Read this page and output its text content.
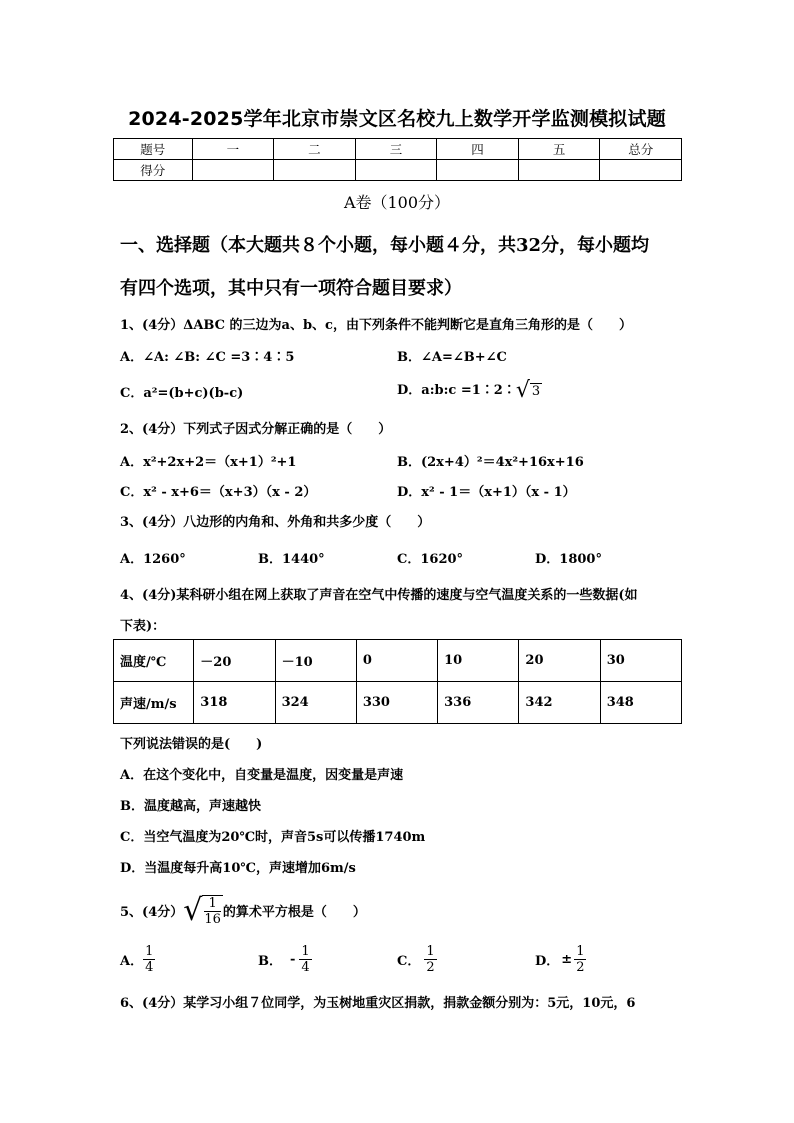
2024-2025学年北京市崇文区名校九上数学开学监测模拟试题
题号	一	二	三	四	五	总分
得分						
A卷（100分）
一、选择题（本大题共８个小题，每小题４分，共32分，每小题均
有四个选项，其中只有一项符合题目要求）
1、(4分）ΔABC 的三边为a、b、c，由下列条件不能判断它是直角三角形的是（　　）
A．∠A: ∠B: ∠C =3∶4∶5	B．∠A=∠B+∠C
C．a²=(b+c)(b-c)	D．a:b:c =1∶2∶√ 3
2、(4分）下列式子因式分解正确的是（　　）
A．x²+2x+2＝（x+1）²+1	B．(2x+4）²＝4x²+16x+16
C．x² - x+6＝（x+3）（x - 2）	D．x² - 1＝（x+1）（x - 1）
3、(4分）八边形的内角和、外角和共多少度（　　）
A．1260°	B．1440°	C．1620°	D．1800°
4、(4分)某科研小组在网上获取了声音在空气中传播的速度与空气温度关系的一些数据(如
下表)：
温度/℃	－20	－10	0	10	20	30
声速/m/s	318	324	330	336	342	348
下列说法错误的是(　　)
A．在这个变化中，自变量是温度，因变量是声速
B．温度越高，声速越快
C．当空气温度为20℃时，声音5s可以传播1740m
D．当温度每升高10℃，声速增加6m/s
5、(4分）√ $\frac{1}{16}$ 的算术平方根是（　　）
A． $\frac{1}{4}$	B． - $\frac{1}{4}$	C． $\frac{1}{2}$	D． ± $\frac{1}{2}$
6、(4分）某学习小组７位同学，为玉树地重灾区捐款，捐款金额分别为：5元，10元，6
